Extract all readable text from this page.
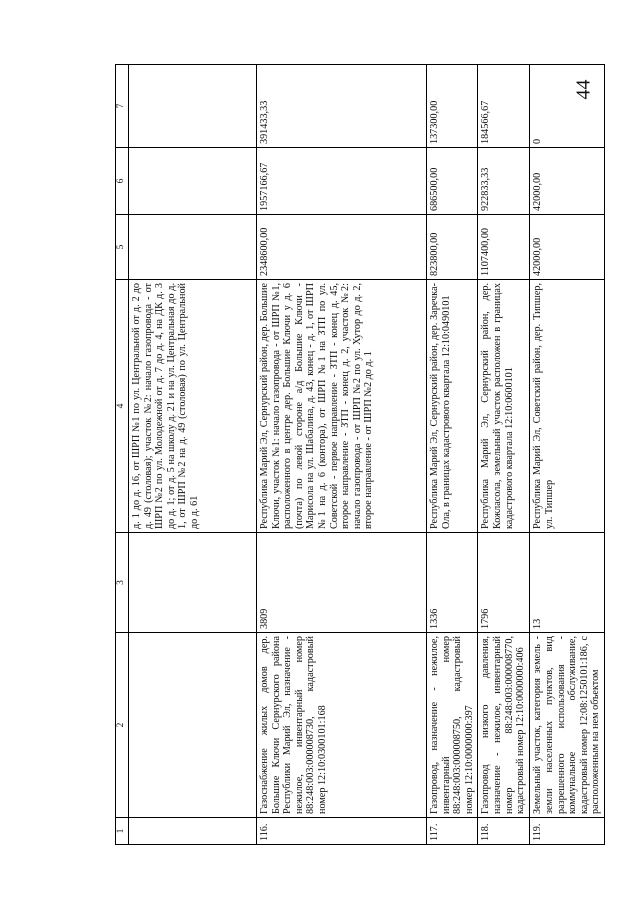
44
1	2	3	4	5	6	7
			д. 1 до д. 16, от ШРП №1 по ул. Центральной от д. 2 до д. 49 (столовая); участок №2: начало газопровода - от ШРП №2 по ул. Молодежной от д. 7 до д. 4, на ДК д. 3 до д. 1; от д. 5 на школу д. 21 и на ул. Центральная до д. 1, от ШРП №2 на д. 49 (столовая) по ул. Центральной до д. 61			
116.	Газоснабжение жилых домов дер. Большие Ключи Сернурского района Республики Марий Эл, назначение - нежилое, инвентарный номер 88:248:003:000008730, кадастровый номер 12:10:0300101:168	3809	Республика Марий Эл, Сернурский район, дер. Большие Ключи, участок №1: начало газопровода - от ШРП №1, расположенного в центре дер. Большие Ключи у д. 6 (почта) по левой стороне а/д Большие Ключи - Марисола на ул. Шабалина, д. 43, конец - д. 1, от ШРП №1 на д. 6 (контора), от ШРП №1 на ЗТП по ул. Советской - первое направление - ЗТП - конец д. 45, второе направление - ЗТП - конец д. 2, участок №2: начало газопровода - от ШРП №2 по ул. Хутор до д. 2, второе направление - от ШРП №2 до д. 1	2348600,00	1957166,67	391433,33
117.	Газопровод, назначение - нежилое, инвентарный номер 88:248:003:000008750, кадастровый номер 12:10:0000000:397	1336	Республика Марий Эл, Сернурский район, дер. Заречка-Ола, в границах кадастрового квартала 12:10:0490101	823800,00	686500,00	137300,00
118.	Газопровод низкого давления, назначение - нежилое, инвентарный номер 88:248:003:000008770, кадастровый номер 12:10:0000000:406	1796	Республика Марий Эл, Сернурский район, дер. Кожласола, земельный участок расположен в границах кадастрового квартала 12:10:0600101	1107400,00	922833,33	184566,67
119.	Земельный участок, категория земель - земли населенных пунктов, вид разрешенного использования - коммунальное обслуживание, кадастровый номер 12:08:1250101:186, с расположенным на нем объектом	13	Республика Марий Эл, Советский район, дер. Типшер, ул. Типшер	42000,00	42000,00	0
